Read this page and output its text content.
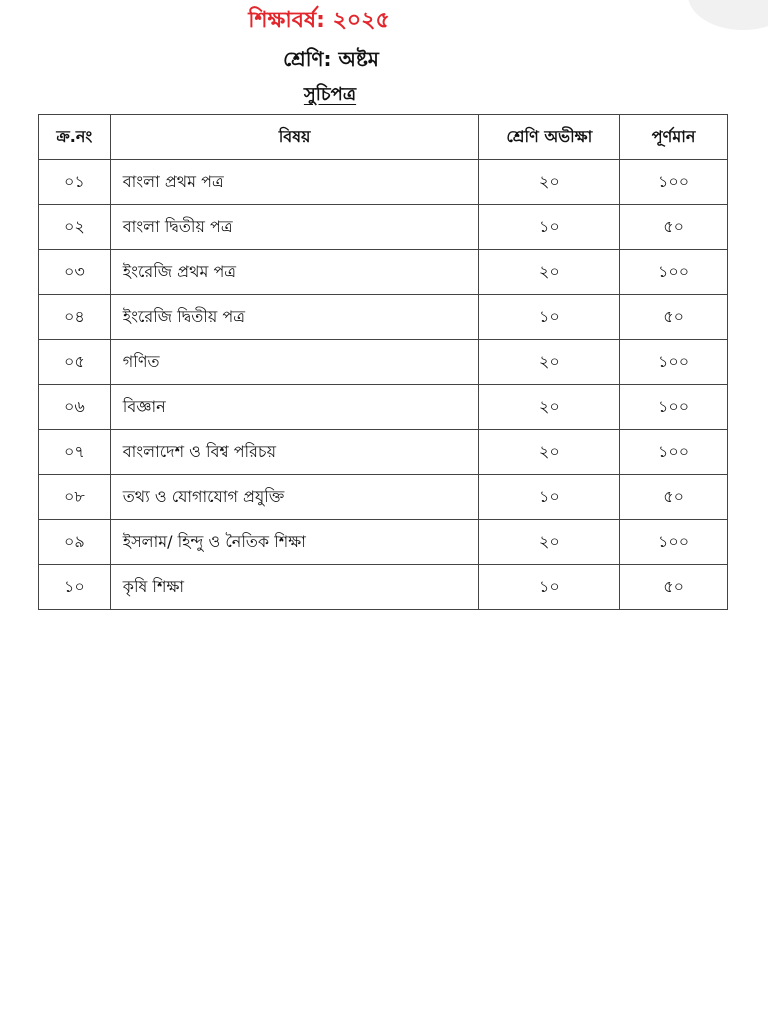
শিক্ষাবর্ষ: ২০২৫
শ্রেণি: অষ্টম
সুচিপত্র
ক্র.নং	বিষয়	শ্রেণি অভীক্ষা	পূর্ণমান
০১	বাংলা প্রথম পত্র	২০	১০০
০২	বাংলা দ্বিতীয় পত্র	১০	৫০
০৩	ইংরেজি প্রথম পত্র	২০	১০০
০৪	ইংরেজি দ্বিতীয় পত্র	১০	৫০
০৫	গণিত	২০	১০০
০৬	বিজ্ঞান	২০	১০০
০৭	বাংলাদেশ ও বিশ্ব পরিচয়	২০	১০০
০৮	তথ্য ও যোগাযোগ প্রযুক্তি	১০	৫০
০৯	ইসলাম/ হিন্দু ও নৈতিক শিক্ষা	২০	১০০
১০	কৃষি শিক্ষা	১০	৫০
